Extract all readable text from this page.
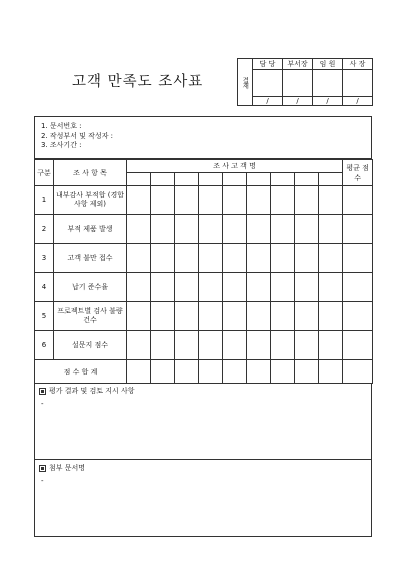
고객 만족도 조사표	결재	담 당	부서장	임 원	사 장

	/	/	/	/
1. 문서번호 :
2. 작성부서 및 작성자 :
3. 조사기간 :
구분	조 사 항 목	조 사 고 객 명									평균 점수

1	내부감사 부적합 (경합사항 제외)										
2	부적 제품 발생										
3	고객 불만 접수										
4	납기 준수율										
5	프로젝트별 검사 불량 건수										
6	설문지 점수										
점 수 합 계											
평가 결과 및 검토 지시 사항
-
첨부 문서명
-
